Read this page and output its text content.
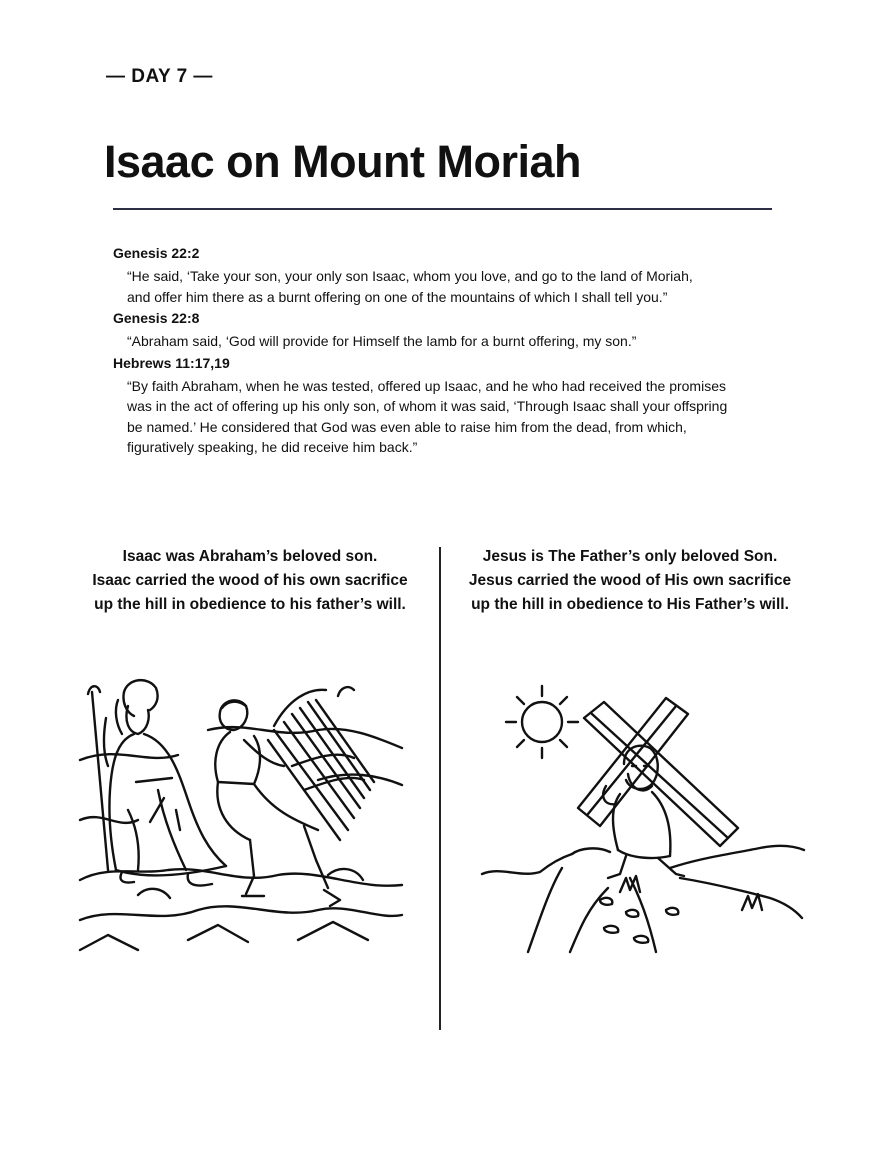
— DAY 7 —
Isaac on Mount Moriah
Genesis 22:2
“He said, ‘Take your son, your only son Isaac, whom you love, and go to the land of Moriah,
and offer him there as a burnt offering on one of the mountains of which I shall tell you.”
Genesis 22:8
“Abraham said, ‘God will provide for Himself the lamb for a burnt offering, my son.”
Hebrews 11:17,19
“By faith Abraham, when he was tested, offered up Isaac, and he who had received the promises
was in the act of offering up his only son, of whom it was said, ‘Through Isaac shall your offspring
be named.’ He considered that God was even able to raise him from the dead, from which,
figuratively speaking, he did receive him back.”
Isaac was Abraham’s beloved son.
Isaac carried the wood of his own sacrifice
up the hill in obedience to his father’s will.
Jesus is The Father’s only beloved Son.
Jesus carried the wood of His own sacrifice
up the hill in obedience to His Father’s will.
